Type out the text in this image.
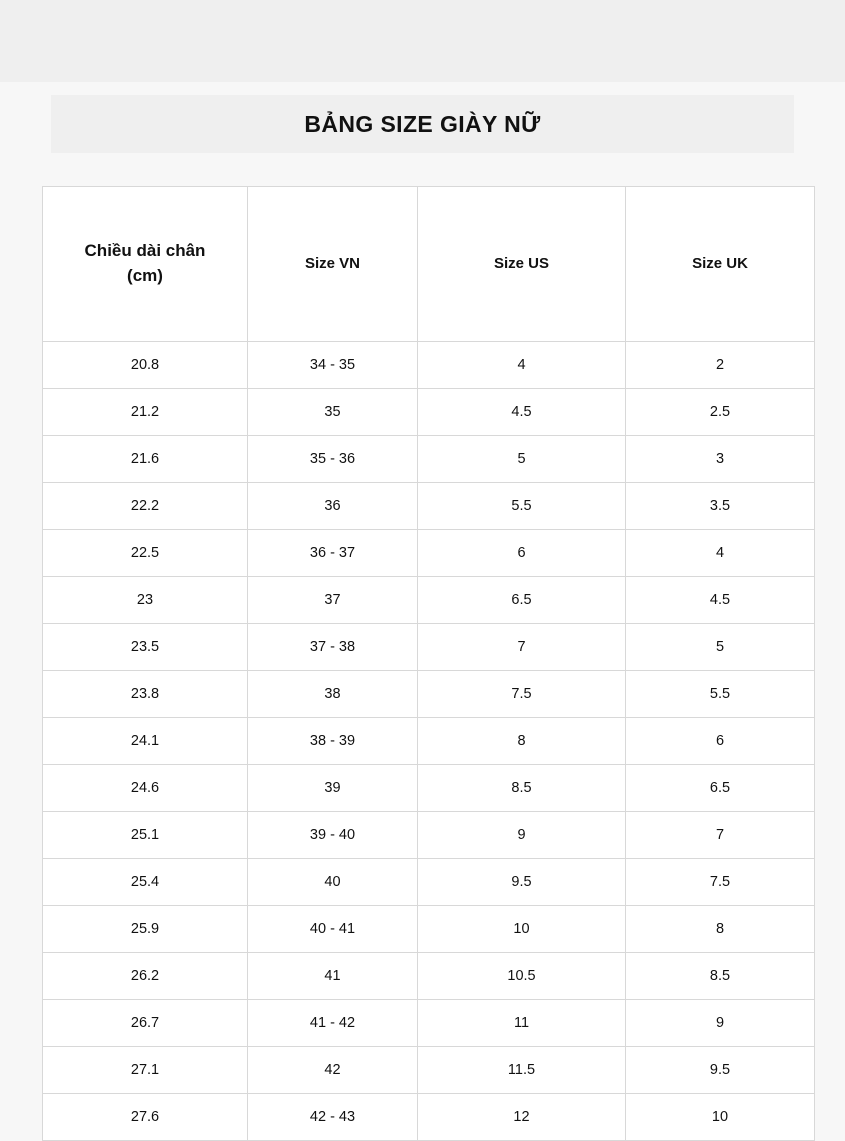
BẢNG SIZE GIÀY NỮ
Chiều dài chân
(cm)	Size VN	Size US	Size UK
20.8	34 - 35	4	2
21.2	35	4.5	2.5
21.6	35 - 36	5	3
22.2	36	5.5	3.5
22.5	36 - 37	6	4
23	37	6.5	4.5
23.5	37 - 38	7	5
23.8	38	7.5	5.5
24.1	38 - 39	8	6
24.6	39	8.5	6.5
25.1	39 - 40	9	7
25.4	40	9.5	7.5
25.9	40 - 41	10	8
26.2	41	10.5	8.5
26.7	41 - 42	11	9
27.1	42	11.5	9.5
27.6	42 - 43	12	10
